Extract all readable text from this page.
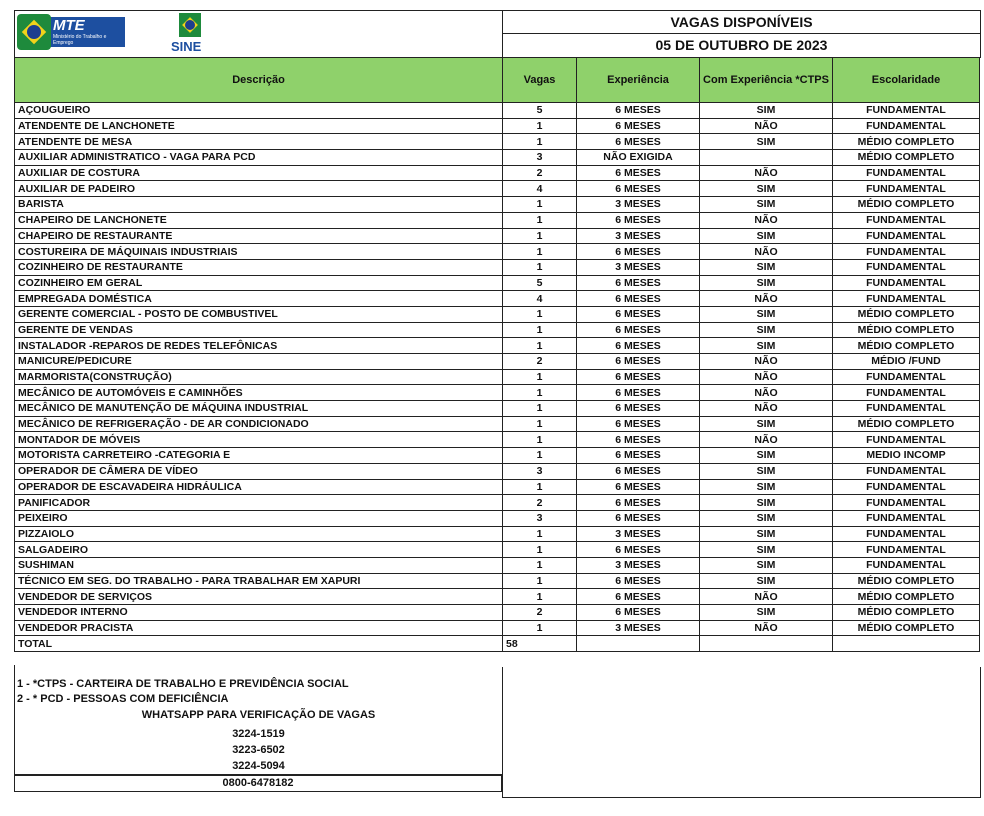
MTE
Ministério do Trabalho e Emprego	SINE
VAGAS DISPONÍVEIS
05 DE OUTUBRO DE 2023
Descrição	Vagas	Experiência	Com Experiência *CTPS	Escolaridade
AÇOUGUEIRO	5	6 MESES	SIM	FUNDAMENTAL
ATENDENTE DE LANCHONETE	1	6 MESES	NÃO	FUNDAMENTAL
ATENDENTE DE MESA	1	6 MESES	SIM	MÉDIO COMPLETO
AUXILIAR ADMINISTRATICO - VAGA PARA PCD	3	NÃO EXIGIDA		MÉDIO COMPLETO
AUXILIAR DE COSTURA	2	6 MESES	NÃO	FUNDAMENTAL
AUXILIAR DE PADEIRO	4	6 MESES	SIM	FUNDAMENTAL
BARISTA	1	3 MESES	SIM	MÉDIO COMPLETO
CHAPEIRO DE LANCHONETE	1	6 MESES	NÃO	FUNDAMENTAL
CHAPEIRO DE RESTAURANTE	1	3 MESES	SIM	FUNDAMENTAL
COSTUREIRA DE MÁQUINAIS INDUSTRIAIS	1	6 MESES	NÃO	FUNDAMENTAL
COZINHEIRO DE RESTAURANTE	1	3 MESES	SIM	FUNDAMENTAL
COZINHEIRO EM GERAL	5	6 MESES	SIM	FUNDAMENTAL
EMPREGADA DOMÉSTICA	4	6 MESES	NÃO	FUNDAMENTAL
GERENTE COMERCIAL - POSTO DE COMBUSTIVEL	1	6 MESES	SIM	MÉDIO COMPLETO
GERENTE DE VENDAS	1	6 MESES	SIM	MÉDIO COMPLETO
INSTALADOR -REPAROS DE REDES TELEFÔNICAS	1	6 MESES	SIM	MÉDIO COMPLETO
MANICURE/PEDICURE	2	6 MESES	NÃO	MÉDIO /FUND
MARMORISTA(CONSTRUÇÃO)	1	6 MESES	NÃO	FUNDAMENTAL
MECÂNICO DE AUTOMÓVEIS E CAMINHÕES	1	6 MESES	NÃO	FUNDAMENTAL
MECÂNICO DE MANUTENÇÃO DE MÁQUINA INDUSTRIAL	1	6 MESES	NÃO	FUNDAMENTAL
MECÂNICO DE REFRIGERAÇÃO - DE AR CONDICIONADO	1	6 MESES	SIM	MÉDIO COMPLETO
MONTADOR DE MÓVEIS	1	6 MESES	NÃO	FUNDAMENTAL
MOTORISTA CARRETEIRO -CATEGORIA E	1	6 MESES	SIM	MEDIO INCOMP
OPERADOR DE CÂMERA DE VÍDEO	3	6 MESES	SIM	FUNDAMENTAL
OPERADOR DE ESCAVADEIRA HIDRÁULICA	1	6 MESES	SIM	FUNDAMENTAL
PANIFICADOR	2	6 MESES	SIM	FUNDAMENTAL
PEIXEIRO	3	6 MESES	SIM	FUNDAMENTAL
PIZZAIOLO	1	3 MESES	SIM	FUNDAMENTAL
SALGADEIRO	1	6 MESES	SIM	FUNDAMENTAL
SUSHIMAN	1	3 MESES	SIM	FUNDAMENTAL
TÉCNICO EM SEG. DO TRABALHO - PARA TRABALHAR EM XAPURI	1	6 MESES	SIM	MÉDIO COMPLETO
VENDEDOR DE SERVIÇOS	1	6 MESES	NÃO	MÉDIO COMPLETO
VENDEDOR INTERNO	2	6 MESES	SIM	MÉDIO COMPLETO
VENDEDOR PRACISTA	1	3 MESES	NÃO	MÉDIO COMPLETO
TOTAL	58			
1 - *CTPS - CARTEIRA DE TRABALHO E PREVIDÊNCIA SOCIAL
2 - * PCD - PESSOAS COM DEFICIÊNCIA
WHATSAPP PARA VERIFICAÇÃO DE VAGAS
3224-1519
3223-6502
3224-5094
0800-6478182
